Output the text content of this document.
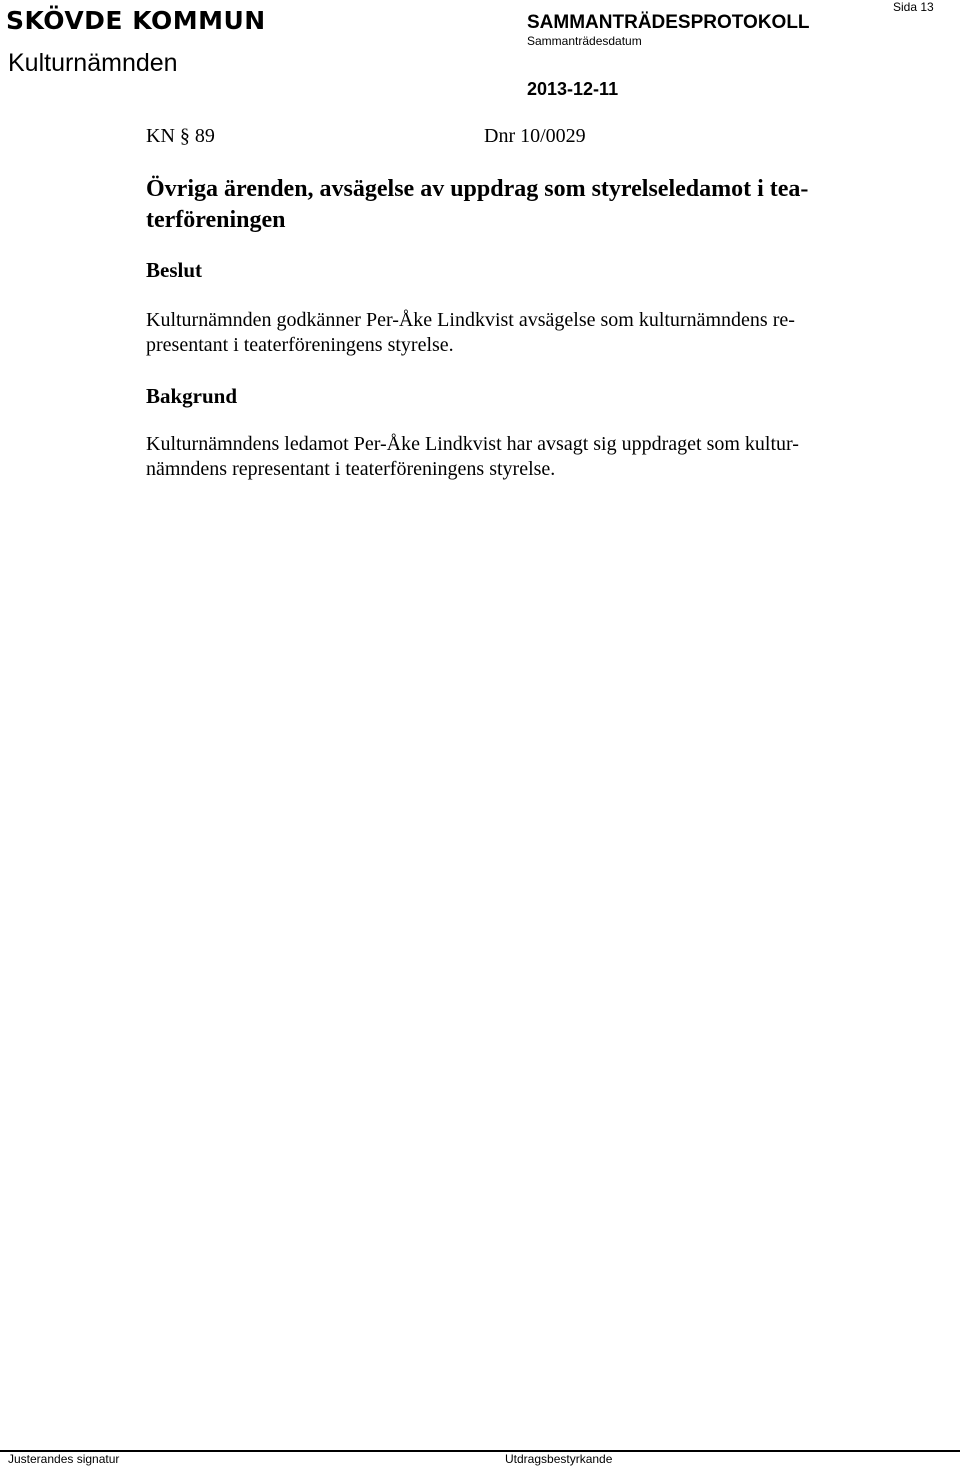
SKÖVDE KOMMUN
Kulturnämnden
SAMMANTRÄDESPROTOKOLL
Sammanträdesdatum
2013-12-11
Sida 13
KN § 89	Dnr 10/0029
Övriga ärenden, avsägelse av uppdrag som styrelseledamot i tea-
terföreningen
Beslut
Kulturnämnden godkänner Per-Åke Lindkvist avsägelse som kulturnämndens re-
presentant i teaterföreningens styrelse.
Bakgrund
Kulturnämndens ledamot Per-Åke Lindkvist har avsagt sig uppdraget som kultur-
nämndens representant i teaterföreningens styrelse.
Justerandes signatur	Utdragsbestyrkande
